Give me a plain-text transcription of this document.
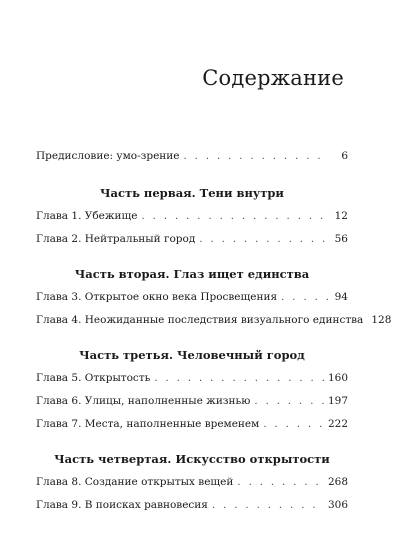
Содержание
Предисловие: умо-зрение . . .	6
Часть первая. Тени внутри
Глава 1. Убежище . . .	12
Глава 2. Нейтральный город . . .	56
Часть вторая. Глаз ищет единства
Глава 3. Открытое окно века Просвещения . . .	94
Глава 4. Неожиданные последствия визуального единства 128
Часть третья. Человечный город
Глава 5. Открытость . . .	160
Глава 6. Улицы, наполненные жизнью . . .	197
Глава 7. Места, наполненные временем . . .	222
Часть четвертая. Искусство открытости
Глава 8. Создание открытых вещей . . .	268
Глава 9. В поисках равновесия . . .	306
